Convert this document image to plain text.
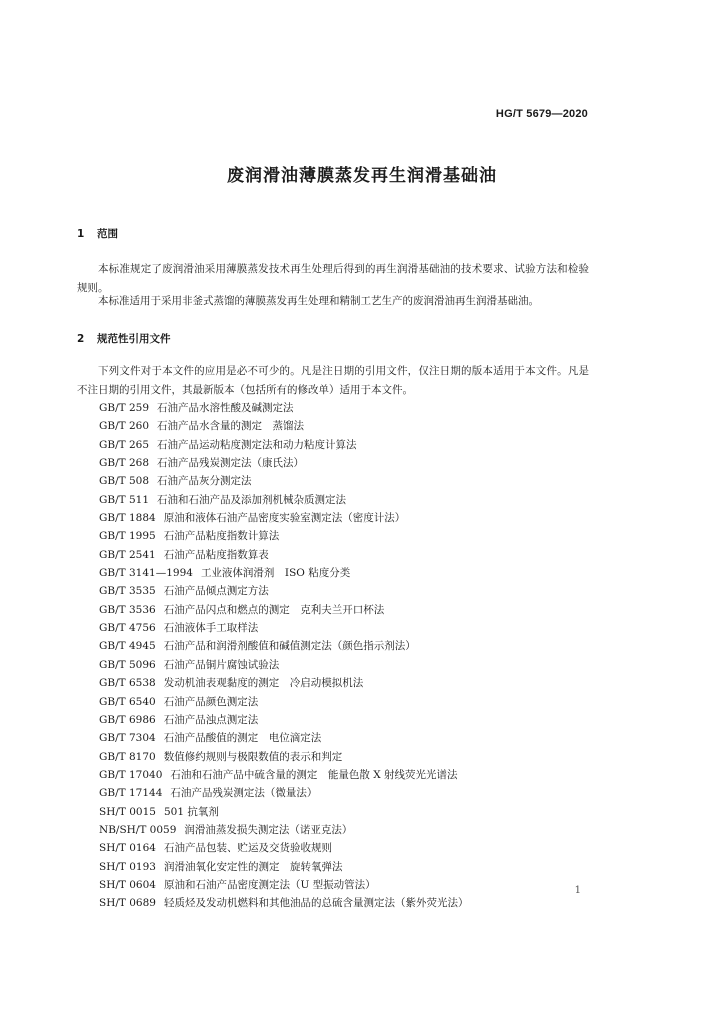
HG/T 5679—2020
废润滑油薄膜蒸发再生润滑基础油
1 范围
本标准规定了废润滑油采用薄膜蒸发技术再生处理后得到的再生润滑基础油的技术要求、试验方法和检验规则。
本标准适用于采用非釜式蒸馏的薄膜蒸发再生处理和精制工艺生产的废润滑油再生润滑基础油。
2 规范性引用文件
下列文件对于本文件的应用是必不可少的。凡是注日期的引用文件，仅注日期的版本适用于本文件。凡是不注日期的引用文件，其最新版本（包括所有的修改单）适用于本文件。
GB/T 259 石油产品水溶性酸及碱测定法
GB/T 260 石油产品水含量的测定　蒸馏法
GB/T 265 石油产品运动粘度测定法和动力粘度计算法
GB/T 268 石油产品残炭测定法（康氏法）
GB/T 508 石油产品灰分测定法
GB/T 511 石油和石油产品及添加剂机械杂质测定法
GB/T 1884 原油和液体石油产品密度实验室测定法（密度计法）
GB/T 1995 石油产品粘度指数计算法
GB/T 2541 石油产品粘度指数算表
GB/T 3141—1994 工业液体润滑剂　ISO 粘度分类
GB/T 3535 石油产品倾点测定方法
GB/T 3536 石油产品闪点和燃点的测定　克利夫兰开口杯法
GB/T 4756 石油液体手工取样法
GB/T 4945 石油产品和润滑剂酸值和碱值测定法（颜色指示剂法）
GB/T 5096 石油产品铜片腐蚀试验法
GB/T 6538 发动机油表观黏度的测定　冷启动模拟机法
GB/T 6540 石油产品颜色测定法
GB/T 6986 石油产品浊点测定法
GB/T 7304 石油产品酸值的测定　电位滴定法
GB/T 8170 数值修约规则与极限数值的表示和判定
GB/T 17040 石油和石油产品中硫含量的测定　能量色散 X 射线荧光光谱法
GB/T 17144 石油产品残炭测定法（微量法）
SH/T 0015 501 抗氧剂
NB/SH/T 0059 润滑油蒸发损失测定法（诺亚克法）
SH/T 0164 石油产品包装、贮运及交货验收规则
SH/T 0193 润滑油氧化安定性的测定　旋转氧弹法
SH/T 0604 原油和石油产品密度测定法（U 型振动管法）
SH/T 0689 轻质烃及发动机燃料和其他油品的总硫含量测定法（紫外荧光法）
1
